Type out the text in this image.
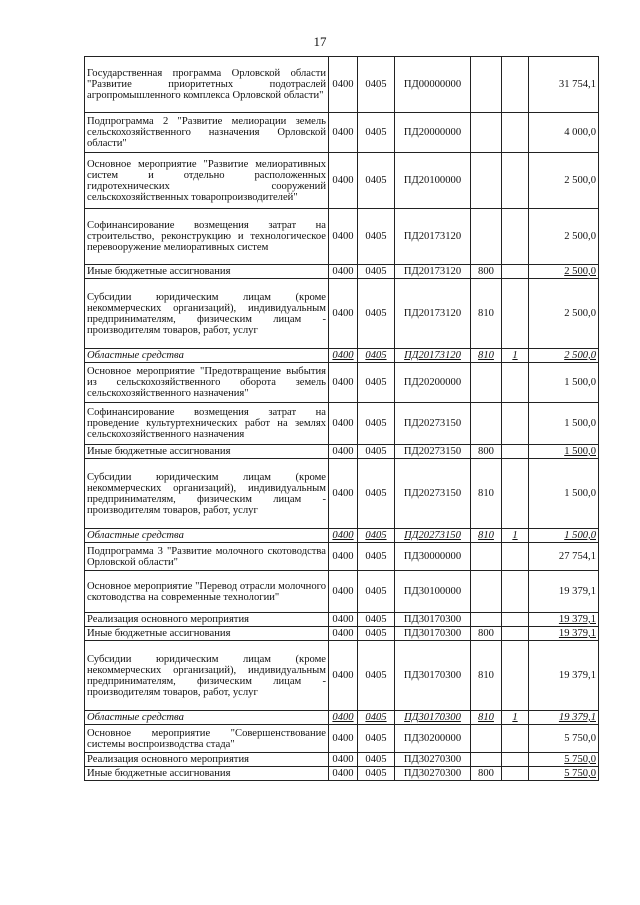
17
Государственная программа Орловской области "Развитие приоритетных подотраслей агропромышленного комплекса Орловской области"	0400	0405	ПД00000000			31 754,1
Подпрограмма 2 "Развитие мелиорации земель сельскохозяйственного назначения Орловской области"	0400	0405	ПД20000000			4 000,0
Основное мероприятие "Развитие мелиоративных систем и отдельно расположенных гидротехнических сооружений сельскохозяйственных товаропроизводителей"	0400	0405	ПД20100000			2 500,0
Софинансирование возмещения затрат на строительство, реконструкцию и технологическое перевооружение мелиоративных систем	0400	0405	ПД20173120			2 500,0
Иные бюджетные ассигнования	0400	0405	ПД20173120	800		2 500,0
Субсидии юридическим лицам (кроме некоммерческих организаций), индивидуальным предпринимателям, физическим лицам - производителям товаров, работ, услуг	0400	0405	ПД20173120	810		2 500,0
Областные средства	0400	0405	ПД20173120	810	1	2 500,0
Основное мероприятие "Предотвращение выбытия из сельскохозяйственного оборота земель сельскохозяйственного назначения"	0400	0405	ПД20200000			1 500,0
Софинансирование возмещения затрат на проведение культуртехнических работ на землях сельскохозяйственного назначения	0400	0405	ПД20273150			1 500,0
Иные бюджетные ассигнования	0400	0405	ПД20273150	800		1 500,0
Субсидии юридическим лицам (кроме некоммерческих организаций), индивидуальным предпринимателям, физическим лицам - производителям товаров, работ, услуг	0400	0405	ПД20273150	810		1 500,0
Областные средства	0400	0405	ПД20273150	810	1	1 500,0
Подпрограмма 3 "Развитие молочного скотоводства Орловской области"	0400	0405	ПД30000000			27 754,1
Основное мероприятие "Перевод отрасли молочного скотоводства на современные технологии"	0400	0405	ПД30100000			19 379,1
Реализация основного мероприятия	0400	0405	ПД30170300			19 379,1
Иные бюджетные ассигнования	0400	0405	ПД30170300	800		19 379,1
Субсидии юридическим лицам (кроме некоммерческих организаций), индивидуальным предпринимателям, физическим лицам - производителям товаров, работ, услуг	0400	0405	ПД30170300	810		19 379,1
Областные средства	0400	0405	ПД30170300	810	1	19 379,1
Основное мероприятие "Совершенствование системы воспроизводства стада"	0400	0405	ПД30200000			5 750,0
Реализация основного мероприятия	0400	0405	ПД30270300			5 750,0
Иные бюджетные ассигнования	0400	0405	ПД30270300	800		5 750,0
